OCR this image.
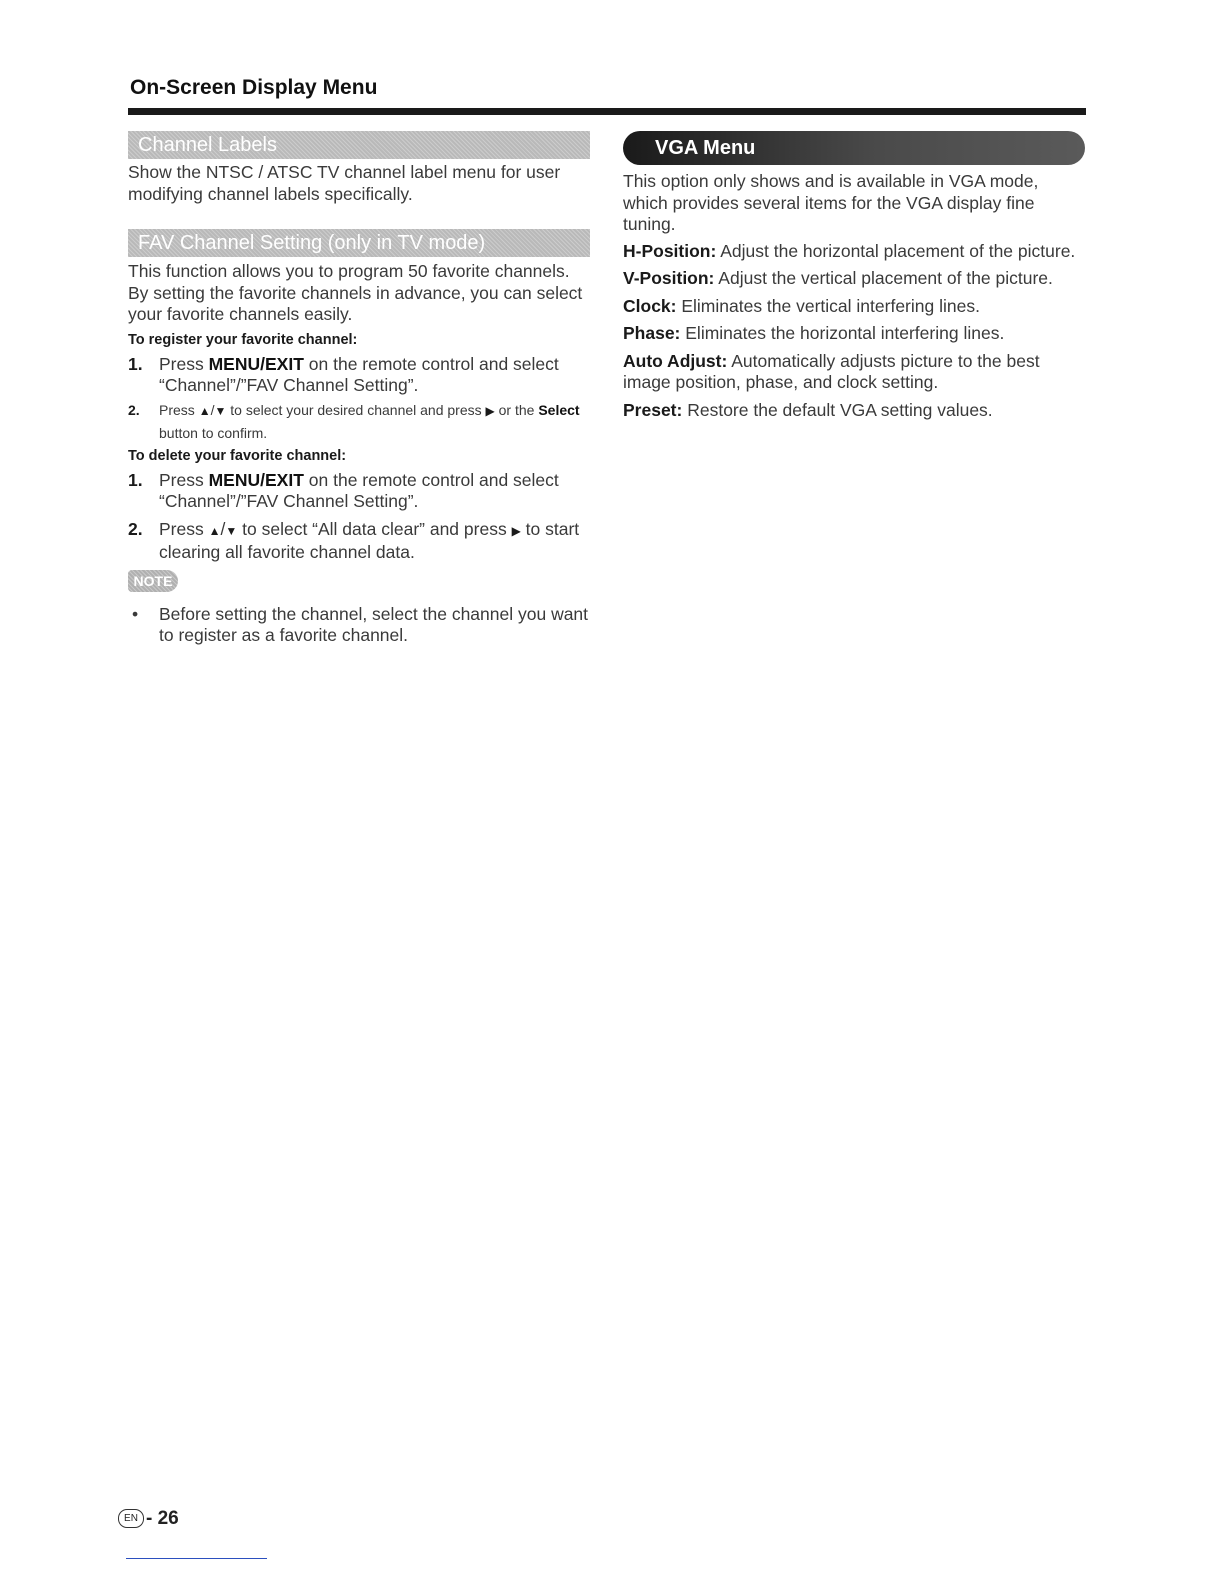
On-Screen Display Menu
Channel Labels

Show the NTSC / ATSC TV channel label menu for user modifying channel labels specifically.

FAV Channel Setting (only in TV mode)

This function allows you to program 50 favorite channels. By setting the favorite channels in advance, you can select your favorite channels easily.

To register your favorite channel:

1. Press MENU/EXIT on the remote control and select “Channel”/”FAV Channel Setting”.
2. Press ▲/▼ to select your desired channel and press ▶ or the Select button to confirm.

To delete your favorite channel:

1. Press MENU/EXIT on the remote control and select “Channel”/”FAV Channel Setting”.
2. Press ▲/▼ to select “All data clear” and press ▶ to start clearing all favorite channel data.
NOTE
• Before setting the channel, select the channel you want to register as a favorite channel.
VGA Menu

This option only shows and is available in VGA mode, which provides several items for the VGA display fine tuning.

H-Position: Adjust the horizontal placement of the picture.

V-Position: Adjust the vertical placement of the picture.

Clock: Eliminates the vertical interfering lines.

Phase: Eliminates the horizontal interfering lines.

Auto Adjust: Automatically adjusts picture to the best image position, phase, and clock setting.

Preset: Restore the default VGA setting values.

EN - 26
